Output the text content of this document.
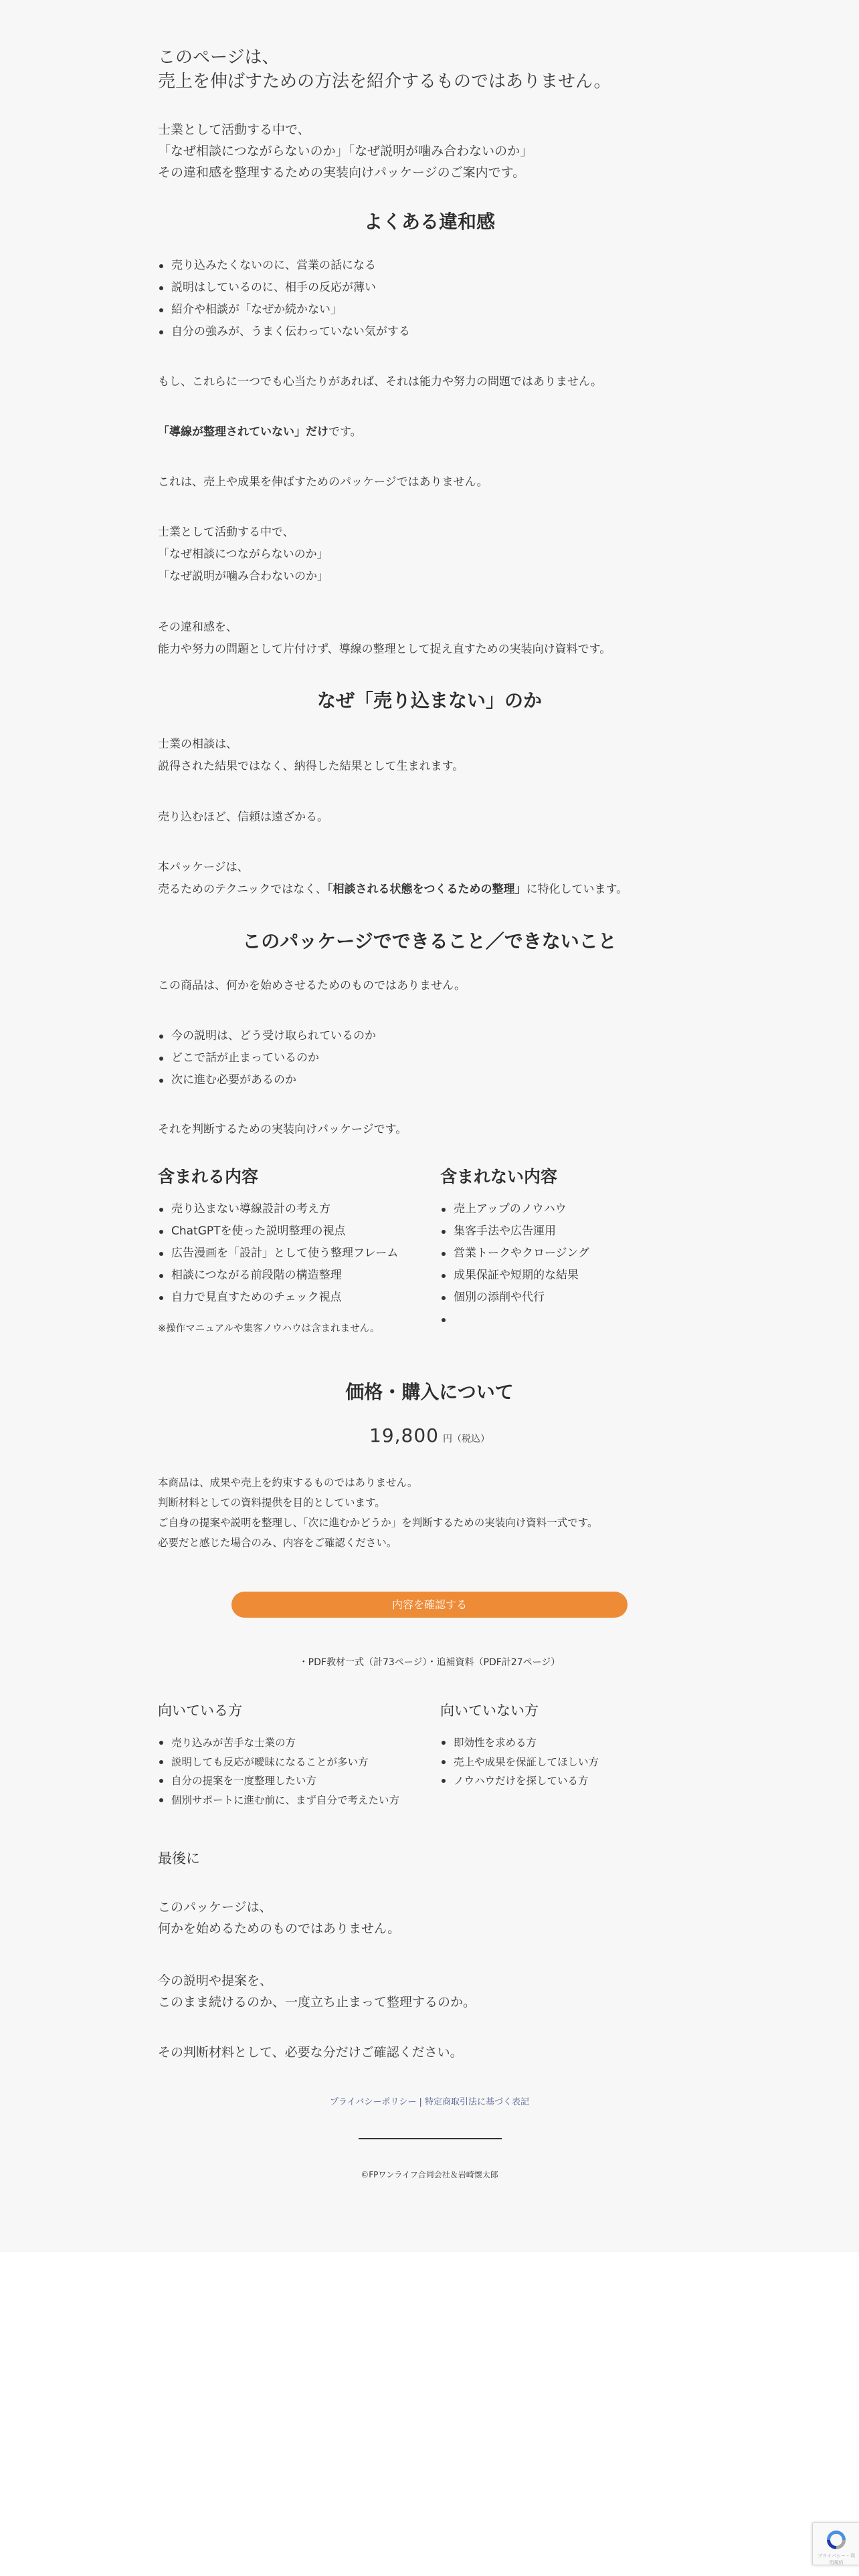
このページは、
売上を伸ばすための方法を紹介するものではありません。
士業として活動する中で、
「なぜ相談につながらないのか」「なぜ説明が噛み合わないのか」
その違和感を整理するための実装向けパッケージのご案内です。
よくある違和感
売り込みたくないのに、営業の話になる
説明はしているのに、相手の反応が薄い
紹介や相談が「なぜか続かない」
自分の強みが、うまく伝わっていない気がする
もし、これらに一つでも心当たりがあれば、それは能力や努力の問題ではありません。
「導線が整理されていない」だけです。
これは、売上や成果を伸ばすためのパッケージではありません。
士業として活動する中で、
「なぜ相談につながらないのか」
「なぜ説明が噛み合わないのか」
その違和感を、
能力や努力の問題として片付けず、導線の整理として捉え直すための実装向け資料です。
なぜ「売り込まない」のか
士業の相談は、
説得された結果ではなく、納得した結果として生まれます。
売り込むほど、信頼は遠ざかる。
本パッケージは、
売るためのテクニックではなく、「相談される状態をつくるための整理」に特化しています。
このパッケージでできること／できないこと
この商品は、何かを始めさせるためのものではありません。
今の説明は、どう受け取られているのか
どこで話が止まっているのか
次に進む必要があるのか
それを判断するための実装向けパッケージです。
含まれる内容
売り込まない導線設計の考え方
ChatGPTを使った説明整理の視点
広告漫画を「設計」として使う整理フレーム
相談につながる前段階の構造整理
自力で見直すためのチェック視点
※操作マニュアルや集客ノウハウは含まれません。
含まれない内容
売上アップのノウハウ
集客手法や広告運用
営業トークやクロージング
成果保証や短期的な結果
個別の添削や代行
価格・購入について
19,800 円（税込）
本商品は、成果や売上を約束するものではありません。
判断材料としての資料提供を目的としています。
ご自身の提案や説明を整理し、「次に進むかどうか」を判断するための実装向け資料一式です。
必要だと感じた場合のみ、内容をご確認ください。
内容を確認する
・PDF教材一式（計73ページ）・追補資料（PDF計27ページ）
向いている方
売り込みが苦手な士業の方
説明しても反応が曖昧になることが多い方
自分の提案を一度整理したい方
個別サポートに進む前に、まず自分で考えたい方
向いていない方
即効性を求める方
売上や成果を保証してほしい方
ノウハウだけを探している方
最後に
このパッケージは、
何かを始めるためのものではありません。
今の説明や提案を、
このまま続けるのか、一度立ち止まって整理するのか。
その判断材料として、必要な分だけご確認ください。
プライバシーポリシー | 特定商取引法に基づく表記
©FPワンライフ合同会社＆岩崎懐太郎
プライバシー・利用規約
